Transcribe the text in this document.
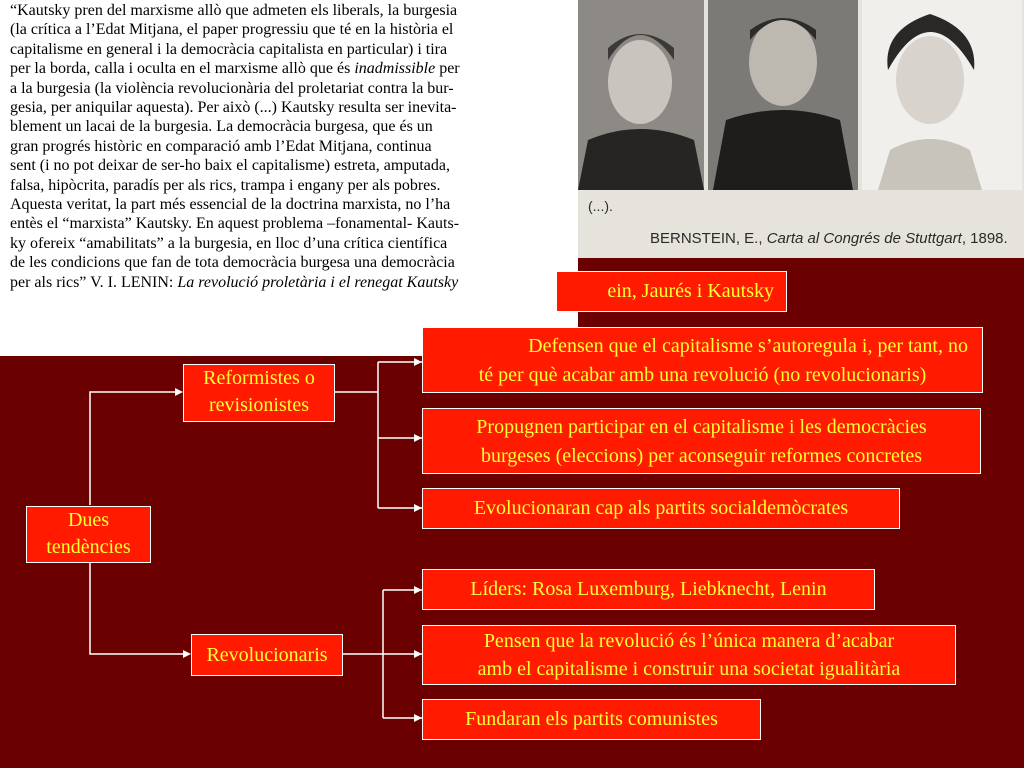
(...).
BERNSTEIN, E., Carta al Congrés de Stuttgart, 1898.
“Kautsky pren del marxisme allò que admeten els liberals, la burgesia
(la crítica a l’Edat Mitjana, el paper progressiu que té en la història el
capitalisme en general i la democràcia capitalista en particular) i tira
per la borda, calla i oculta en el marxisme allò que és inadmissible per
a la burgesia (la violència revolucionària del proletariat contra la bur-
gesia, per aniquilar aquesta). Per això (...) Kautsky resulta ser inevita-
blement un lacai de la burgesia. La democràcia burgesa, que és un
gran progrés històric en comparació amb l’Edat Mitjana, continua
sent (i no pot deixar de ser-ho baix el capitalisme) estreta, amputada,
falsa, hipòcrita, paradís per als rics, trampa i engany per als pobres.
Aquesta veritat, la part més essencial de la doctrina marxista, no l’ha
entès el “marxista” Kautsky. En aquest problema –fonamental- Kauts-
ky ofereix “amabilitats” a la burgesia, en lloc d’una crítica científica
de les condicions que fan de tota democràcia burgesa una democràcia
per als rics” V. I. LENIN: La revolució proletària i el renegat Kautsky
Dues
tendències
Reformistes o
revisionistes
ein, Jaurés i Kautsky
Defensen que el capitalisme s’autoregula i, per tant, no
té per què acabar amb una revolució (no revolucionaris)
Propugnen participar en el capitalisme i les democràcies
burgeses (eleccions) per aconseguir reformes concretes
Evolucionaran cap als partits socialdemòcrates
Revolucionaris
Líders: Rosa Luxemburg, Liebknecht, Lenin
Pensen que la revolució és l’única manera d’acabar
amb el capitalisme i construir una societat igualitària
Fundaran els partits comunistes
